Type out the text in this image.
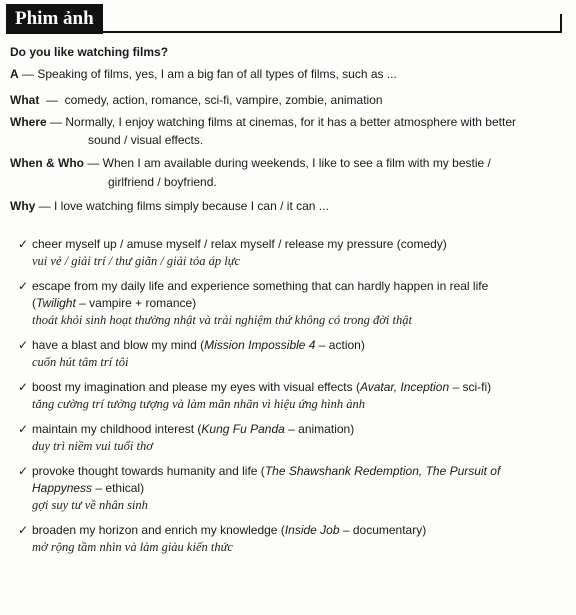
Phim ảnh
Do you like watching films?
A — Speaking of films, yes, I am a big fan of all types of films, such as ...
What  —  comedy, action, romance, sci-fi, vampire, zombie, animation
Where — Normally, I enjoy watching films at cinemas, for it has a better atmosphere with better
sound / visual effects.
When & Who — When I am available during weekends, I like to see a film with my bestie /
girlfriend / boyfriend.
Why — I love watching films simply because I can / it can ...
✓ cheer myself up / amuse myself / relax myself / release my pressure (comedy)
vui vẻ / giải trí / thư giãn / giải tỏa áp lực
✓ escape from my daily life and experience something that can hardly happen in real life
(Twilight – vampire + romance)
thoát khỏi sinh hoạt thường nhật và trải nghiệm thứ không có trong đời thật
✓ have a blast and blow my mind (Mission Impossible 4 – action)
cuốn hút tâm trí tôi
✓ boost my imagination and please my eyes with visual effects (Avatar, Inception – sci-fi)
tăng cường trí tưởng tượng và làm mãn nhãn vì hiệu ứng hình ảnh
✓ maintain my childhood interest (Kung Fu Panda – animation)
duy trì niềm vui tuổi thơ
✓ provoke thought towards humanity and life (The Shawshank Redemption, The Pursuit of
Happyness – ethical)
gợi suy tư về nhân sinh
✓ broaden my horizon and enrich my knowledge (Inside Job – documentary)
mở rộng tầm nhìn và làm giàu kiến thức
